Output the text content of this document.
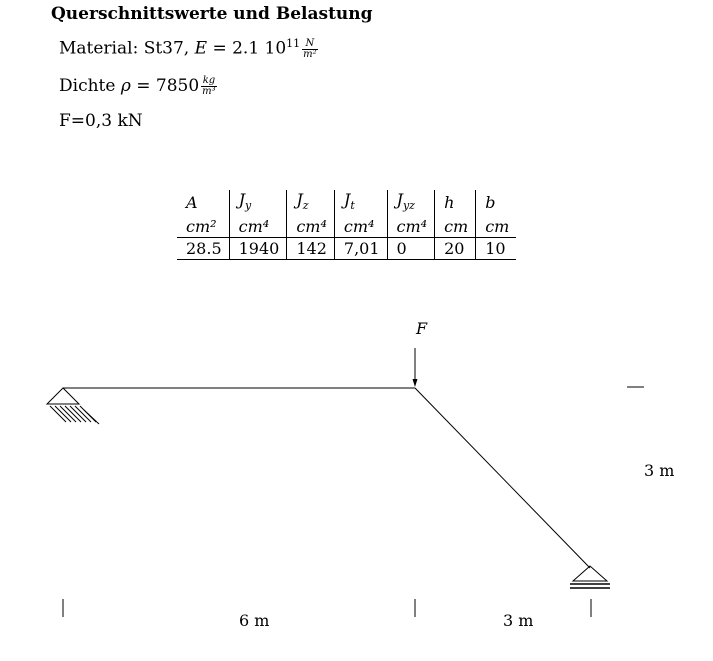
Querschnittswerte und Belastung
Material: St37, E = 2.1 $10^{11} \frac{N}{\text{m²}}$
Dichte $\rho = 7850 \frac{kg}{\text{m³}}$
F=0,3 kN
A	$J_y$	$J_z$	$J_t$	$J_{yz}$	h	b
cm²	cm⁴	cm⁴	cm⁴	cm⁴	cm	cm
28.5	1940	142	7,01	0	20	10
F
3 m
6 m	3 m
